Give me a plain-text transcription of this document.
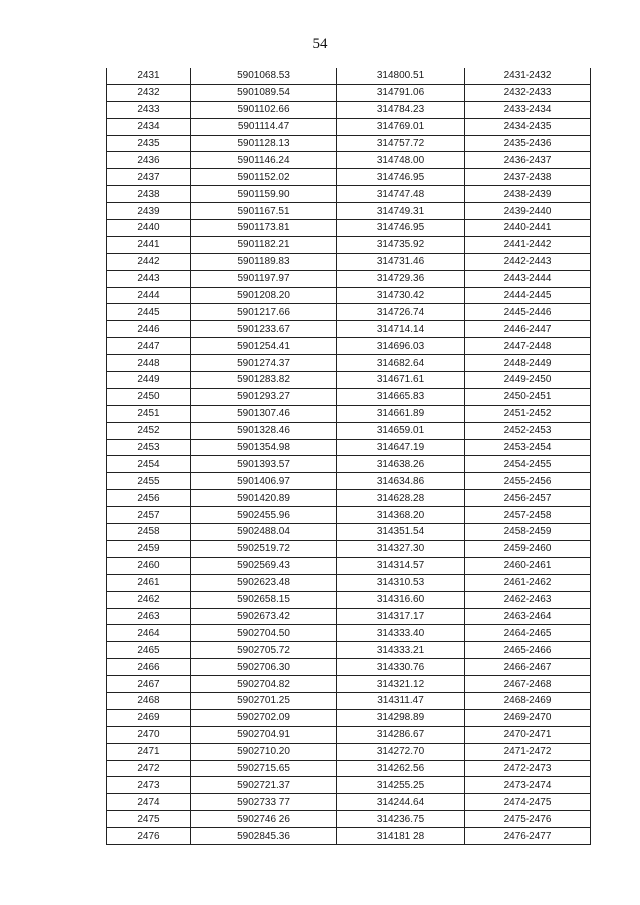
54
2431	5901068.53	314800.51	2431-2432
2432	5901089.54	314791.06	2432-2433
2433	5901102.66	314784.23	2433-2434
2434	5901114.47	314769.01	2434-2435
2435	5901128.13	314757.72	2435-2436
2436	5901146.24	314748.00	2436-2437
2437	5901152.02	314746.95	2437-2438
2438	5901159.90	314747.48	2438-2439
2439	5901167.51	314749.31	2439-2440
2440	5901173.81	314746.95	2440-2441
2441	5901182.21	314735.92	2441-2442
2442	5901189.83	314731.46	2442-2443
2443	5901197.97	314729.36	2443-2444
2444	5901208.20	314730.42	2444-2445
2445	5901217.66	314726.74	2445-2446
2446	5901233.67	314714.14	2446-2447
2447	5901254.41	314696.03	2447-2448
2448	5901274.37	314682.64	2448-2449
2449	5901283.82	314671.61	2449-2450
2450	5901293.27	314665.83	2450-2451
2451	5901307.46	314661.89	2451-2452
2452	5901328.46	314659.01	2452-2453
2453	5901354.98	314647.19	2453-2454
2454	5901393.57	314638.26	2454-2455
2455	5901406.97	314634.86	2455-2456
2456	5901420.89	314628.28	2456-2457
2457	5902455.96	314368.20	2457-2458
2458	5902488.04	314351.54	2458-2459
2459	5902519.72	314327.30	2459-2460
2460	5902569.43	314314.57	2460-2461
2461	5902623.48	314310.53	2461-2462
2462	5902658.15	314316.60	2462-2463
2463	5902673.42	314317.17	2463-2464
2464	5902704.50	314333.40	2464-2465
2465	5902705.72	314333.21	2465-2466
2466	5902706.30	314330.76	2466-2467
2467	5902704.82	314321.12	2467-2468
2468	5902701.25	314311.47	2468-2469
2469	5902702.09	314298.89	2469-2470
2470	5902704.91	314286.67	2470-2471
2471	5902710.20	314272.70	2471-2472
2472	5902715.65	314262.56	2472-2473
2473	5902721.37	314255.25	2473-2474
2474	5902733 77	314244.64	2474-2475
2475	5902746 26	314236.75	2475-2476
2476	5902845.36	314181 28	2476-2477
